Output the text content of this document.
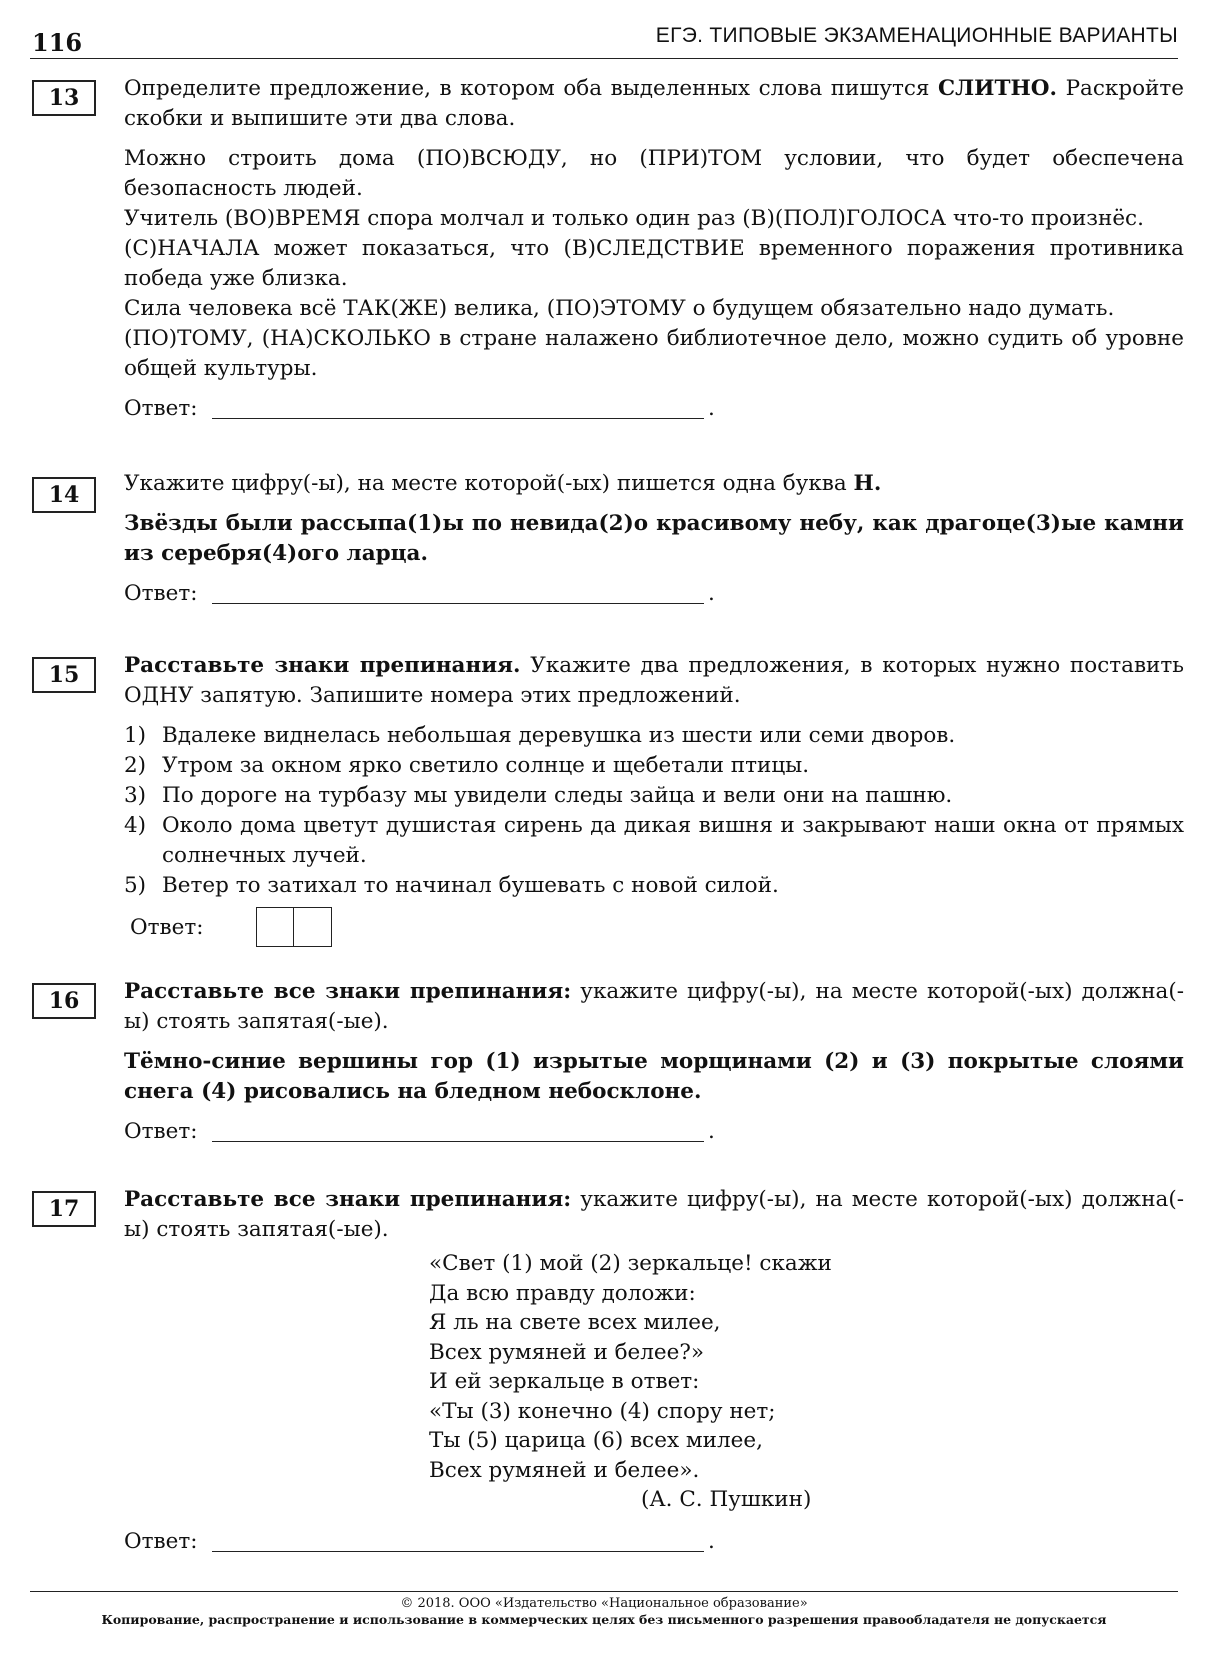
116	ЕГЭ. ТИПОВЫЕ ЭКЗАМЕНАЦИОННЫЕ ВАРИАНТЫ
13	Определите предложение, в котором оба выделенных слова пишутся СЛИТНО. Раскройте скобки и выпишите эти два слова.

Можно строить дома (ПО)ВСЮДУ, но (ПРИ)ТОМ условии, что будет обеспечена безопасность людей.

Учитель (ВО)ВРЕМЯ спора молчал и только один раз (В)(ПОЛ)ГОЛОСА что-то произнёс.

(С)НАЧАЛА может показаться, что (В)СЛЕДСТВИЕ временного поражения противника победа уже близка.

Сила человека всё ТАК(ЖЕ) велика, (ПО)ЭТОМУ о будущем обязательно надо думать.

(ПО)ТОМУ, (НА)СКОЛЬКО в стране налажено библиотечное дело, можно судить об уровне общей культуры.

Ответ:	.
14	Укажите цифру(-ы), на месте которой(-ых) пишется одна буква Н.

Звёзды были рассыпа(1)ы по невида(2)о красивому небу, как драгоце(3)ые камни из серебря(4)ого ларца.

Ответ:	.
15	Расставьте знаки препинания. Укажите два предложения, в которых нужно поставить ОДНУ запятую. Запишите номера этих предложений.

1) Вдалеке виднелась небольшая деревушка из шести или семи дворов.
2) Утром за окном ярко светило солнце и щебетали птицы.
3) По дороге на турбазу мы увидели следы зайца и вели они на пашню.
4) Около дома цветут душистая сирень да дикая вишня и закрывают наши окна от прямых солнечных лучей.
5) Ветер то затихал то начинал бушевать с новой силой.
Ответ:
16	Расставьте все знаки препинания: укажите цифру(-ы), на месте которой(-ых) должна(-ы) стоять запятая(-ые).

Тёмно-синие вершины гор (1) изрытые морщинами (2) и (3) покрытые слоями снега (4) рисовались на бледном небосклоне.

Ответ:	.
17	Расставьте все знаки препинания: укажите цифру(-ы), на месте которой(-ых) должна(-ы) стоять запятая(-ые).

«Свет (1) мой (2) зеркальце! скажи
Да всю правду доложи:
Я ль на свете всех милее,
Всех румяней и белее?»
И ей зеркальце в ответ:
«Ты (3) конечно (4) спору нет;
Ты (5) царица (6) всех милее,
Всех румяней и белее».
(А. С. Пушкин)
Ответ:	.
© 2018. ООО «Издательство «Национальное образование»
Копирование, распространение и использование в коммерческих целях без письменного разрешения правообладателя не допускается
